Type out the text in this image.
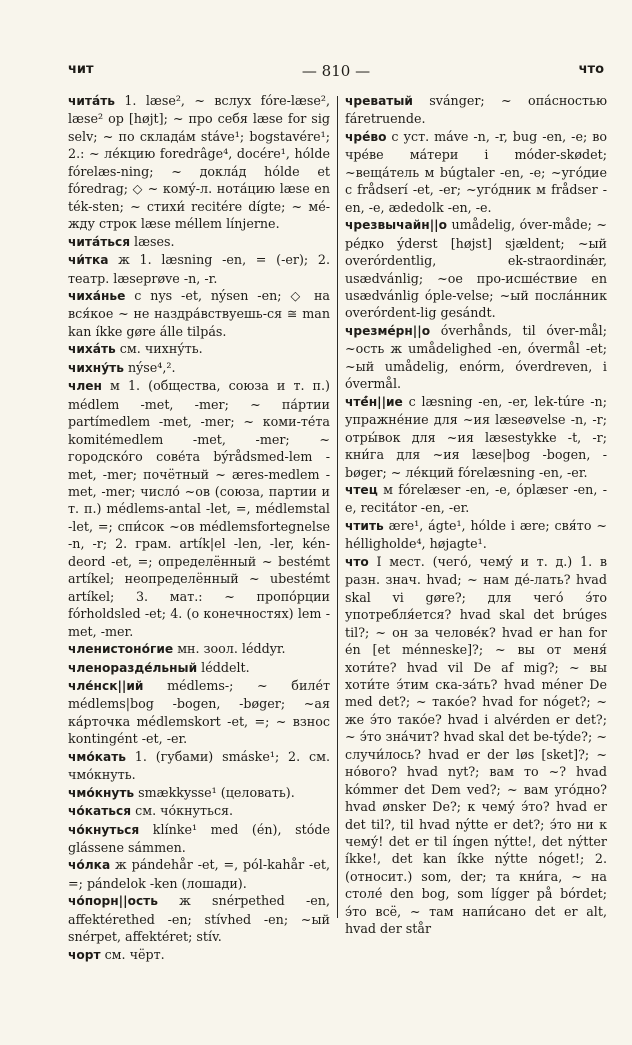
чит	— 810 —	что

читáть 1. læse², ~ вслух fóre-læse², læse² op [højt]; ~ про себя læse for sig selv; ~ по склада́м stáve¹; bogstavére¹; 2.: ~ ле́кцию foredrâge⁴, docére¹, hólde fórelæs-ning; ~ докла́д hólde et fóredrag; ◇ ~ кому́-л. нота́цию læse en ték-sten; ~ стихи́ recitére dígte; ~ мé-жду строк læse méllem línjerne.

читáться læses.

чи́тка ж 1. læsning -en, = (-er); 2. театр. læseprøve -n, -r.

чиха́нье с nys -et, nýsen -en; ◇ на вся́кое ~ не наздра́вствуешь-ся ≅ man kan íkke gøre álle tilpás.

чихáть см. чихну́ть.

чихну́ть nýse⁴,².

член м 1. (общества, союза и т. п.) médlem -met, -mer; ~ па́ртии partímedlem -met, -mer; ~ коми-те́та komitémedlem -met, -mer; ~ городско́го сове́та býrådsmed-lem -met, -mer; почётный ~ æres-medlem -met, -mer; число́ ~ов (союза, партии и т. п.) médlems-antal -let, =, médlemstal -let, =; спи́сок ~ов médlemsfortegnelse -n, -r; 2. грам. artík|el -len, -ler, kén-deord -et, =; определённый ~ bestémt artíkel; неопределённый ~ ubestémt artíkel; 3. мат.: ~ пропо́рции fórholdsled -et; 4. (о конечностях) lem -met, -mer.

членистоно́гие мн. зоол. léddyr.

членоразде́льный léddelt.

чле́нск||ий médlems-; ~ биле́т médlems|bog -bogen, -bøger; ~ая ка́рточка médlemskort -et, =; ~ взнос kontingént -et, -er.

чмо́кать 1. (губами) smáske¹; 2. см. чмо́кнуть.

чмо́кнуть smækkysse¹ (целовать).

чо́каться см. чо́кнуться.

чо́кнуться klínke¹ med (én), stóde glássene sámmen.

чо́лка ж pándehår -et, =, pól-kahår -et, =; pándelok -ken (лошади).

чо́порн||ость ж snérpethed -en, affektérethed -en; stívhed -en; ~ый snérpet, affektéret; stív.

чорт см. чёрт.

чреватый svánger; ~ опа́сностью fáretruende.

чрéво с уст. máve -n, -r, bug -en, -e; во чре́ве ма́тери i móder-skødet; ~веща́тель м búgtaler -en, -e; ~уго́дие с frådserí -et, -er; ~уго́дник м frådser -en, -e, ædedolk -en, -e.

чрезвычайн||о umådelig, óver-måde; ~ ре́дко ýderst [højst] sjældent; ~ый overórdentlig, ek-straordinǽr, usædvánlig; ~ое про-исше́ствие en usædvánlig óple-velse; ~ый посла́нник overórdent-lig gesándt.

чрезмéрн||о óverhånds, til óver-mål; ~ость ж umådelighed -en, óvermål -et; ~ый umådelig, enórm, óverdreven, i óvermål.

чтé́н||ие с læsning -en, -er, lek-túre -n; упражне́ние для ~ия læseøvelse -n, -r; отры́вок для ~ия læsestykke -t, -r; кни́га для ~ия læse|bog -bogen, -bøger; ~ ле́кций fórelæsning -en, -er.

чтец м fórelæser -en, -e, óplæser -en, -e, recitátor -en, -er.

чтить ære¹, ágte¹, hólde i ære; свя́то ~ hélligholde⁴, højagte¹.

что I мест. (чего́, чему́ и т. д.) 1. в разн. знач. hvad; ~ нам де́-лать? hvad skal vi gøre?; для чего́ э́то употребля́ется? hvad skal det brúges til?; ~ он за челове́к? hvad er han for én [et ménneske]?; ~ вы от меня́ хоти́те? hvad vil De af mig?; ~ вы хоти́те э́тим ска-за́ть? hvad méner De med det?; ~ тако́е? hvad for nóget?; ~ же э́то тако́е? hvad i alvérden er det?; ~ э́то зна́чит? hvad skal det be-týde?; ~ случи́лось? hvad er der løs [sket]?; ~ но́вого? hvad nyt?; вам то ~? hvad kómmer det Dem ved?; ~ вам уго́дно? hvad ønsker De?; к чему́ э́то? hvad er det til?, til hvad nýtte er det?; э́то ни к чему́! det er til íngen nýtte!, det nýtter íkke!, det kan íkke nýtte nóget!; 2. (относит.) som, der; та кни́га, ~ на столе́ den bog, som lígger på bórdet; э́то всё, ~ там напи́сано det er alt, hvad der står
